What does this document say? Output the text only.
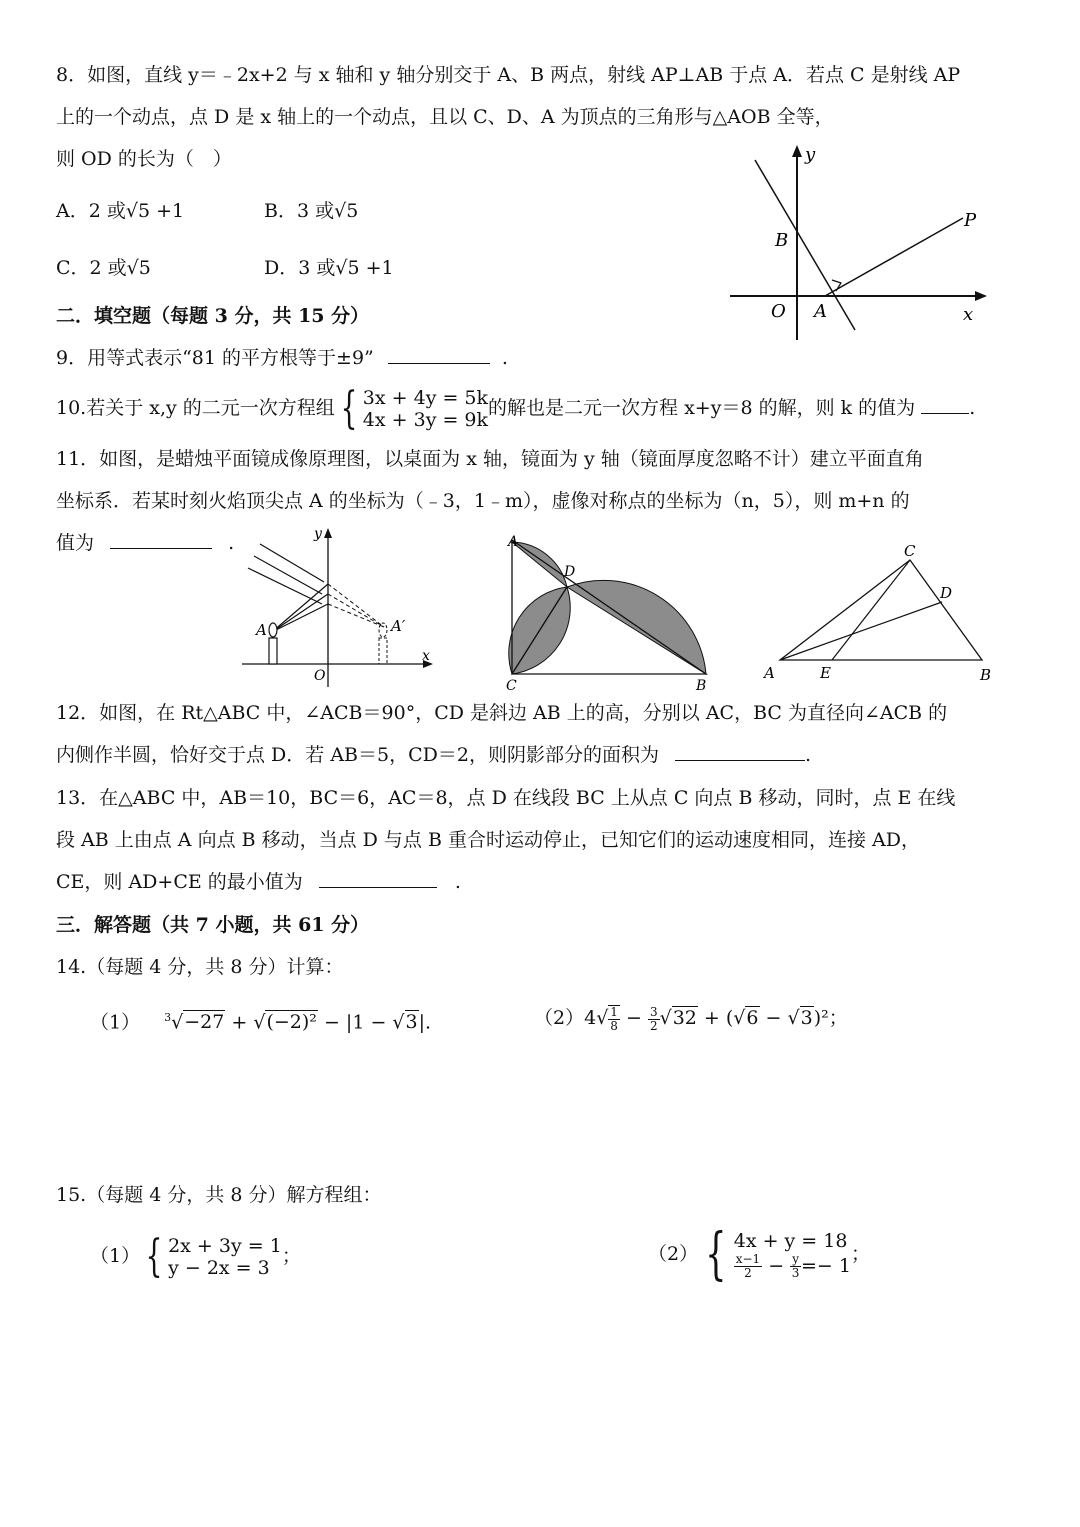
8．如图，直线 y＝﹣2x+2 与 x 轴和 y 轴分别交于 A、B 两点，射线 AP⊥AB 于点 A．若点 C 是射线 AP
上的一个动点，点 D 是 x 轴上的一个动点，且以 C、D、A 为顶点的三角形与△AOB 全等，
则 OD 的长为（　）
A．2 或√5 +1	B．3 或√5
C．2 或√5	D．3 或√5 +1
y
B
P
O A	x
二．填空题（每题 3 分，共 15 分）
9．用等式表示“81 的平方根等于±9”	.
10.若关于 x,y 的二元一次方程组 { 3x + 4y = 5k
4x + 3y = 9k
的解也是二元一次方程 x+y＝8 的解，则 k 的值为	.
11．如图，是蜡烛平面镜成像原理图，以桌面为 x 轴，镜面为 y 轴（镜面厚度忽略不计）建立平面直角
坐标系．若某时刻火焰顶尖点 A 的坐标为（﹣3，1﹣m），虚像对称点的坐标为（n，5），则 m+n 的
值为	.	y
A	A′
O
x
A
D
C	B
C
D
A	E	B
12．如图，在 Rt△ABC 中，∠ACB＝90°，CD 是斜边 AB 上的高，分别以 AC，BC 为直径向∠ACB 的
内侧作半圆，恰好交于点 D．若 AB＝5，CD＝2，则阴影部分的面积为	.
13．在△ABC 中，AB＝10，BC＝6，AC＝8，点 D 在线段 BC 上从点 C 向点 B 移动，同时，点 E 在线
段 AB 上由点 A 向点 B 移动，当点 D 与点 B 重合时运动停止，已知它们的运动速度相同，连接 AD，
CE，则 AD+CE 的最小值为	.
三．解答题（共 7 小题，共 61 分）
14.（每题 4 分，共 8 分）计算：
（1） $^3$√−27 + √(−2)² − |1 − √3|.	$(2)4√ \frac{1}{8} - \frac{3}{2} √32 + (√6 - √3)^2$；
15.（每题 4 分，共 8 分）解方程组：
（1） { 2x + 3y = 1
y − 2x = 3
；	（2） { 4x + y = 18
$\frac{x-1}{2} - \frac{y}{3} =- 1$
；
